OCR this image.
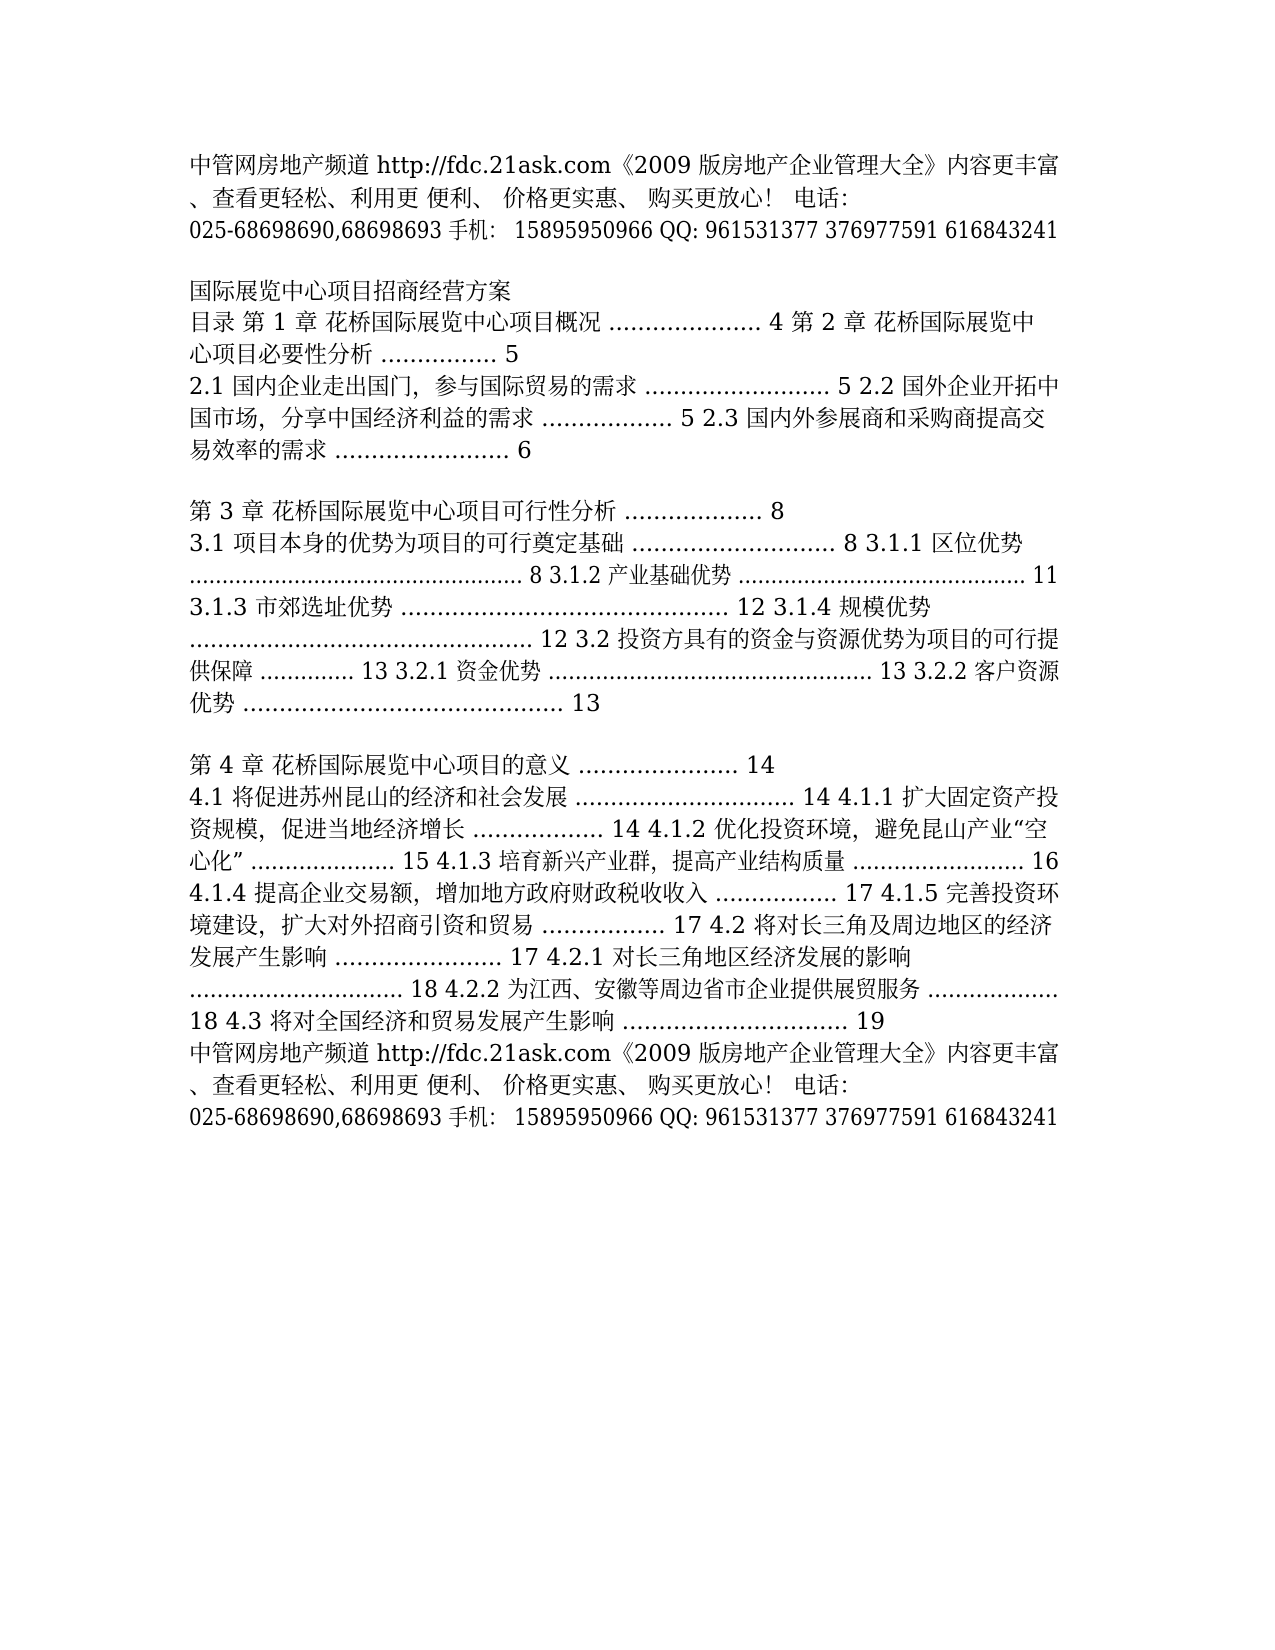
中管网房地产频道 http://fdc.21ask.com《2009 版房地产企业管理大全》内容更丰富
、查看更轻松、利用更 便利、 价格更实惠、 购买更放心！ 电话：
025-68698690,68698693 手机： 15895950966 QQ: 961531377 376977591 616843241
国际展览中心项目招商经营方案
目录 第 1 章 花桥国际展览中心项目概况 ..................... 4 第 2 章 花桥国际展览中
心项目必要性分析 ................ 5
2.1 国内企业走出国门，参与国际贸易的需求 .......................... 5 2.2 国外企业开拓中
国市场，分享中国经济利益的需求 .................. 5 2.3 国内外参展商和采购商提高交
易效率的需求 ........................ 6
第 3 章 花桥国际展览中心项目可行性分析 ................... 8
3.1 项目本身的优势为项目的可行奠定基础 ............................ 8 3.1.1 区位优势
................................................... 8 3.1.2 产业基础优势 ............................................ 11
3.1.3 市郊选址优势 ............................................. 12 3.1.4 规模优势
................................................. 12 3.2 投资方具有的资金与资源优势为项目的可行提
供保障 .............. 13 3.2.1 资金优势 ................................................ 13 3.2.2 客户资源
优势 ............................................ 13
第 4 章 花桥国际展览中心项目的意义 ...................... 14
4.1 将促进苏州昆山的经济和社会发展 ............................... 14 4.1.1 扩大固定资产投
资规模，促进当地经济增长 .................. 14 4.1.2 优化投资环境，避免昆山产业“空
心化” ..................... 15 4.1.3 培育新兴产业群，提高产业结构质量 ......................... 16
4.1.4 提高企业交易额，增加地方政府财政税收收入 ................. 17 4.1.5 完善投资环
境建设，扩大对外招商引资和贸易 ................. 17 4.2 将对长三角及周边地区的经济
发展产生影响 ....................... 17 4.2.1 对长三角地区经济发展的影响
............................... 18 4.2.2 为江西、安徽等周边省市企业提供展贸服务 ...................
18 4.3 将对全国经济和贸易发展产生影响 ............................... 19
中管网房地产频道 http://fdc.21ask.com《2009 版房地产企业管理大全》内容更丰富
、查看更轻松、利用更 便利、 价格更实惠、 购买更放心！ 电话：
025-68698690,68698693 手机： 15895950966 QQ: 961531377 376977591 616843241
